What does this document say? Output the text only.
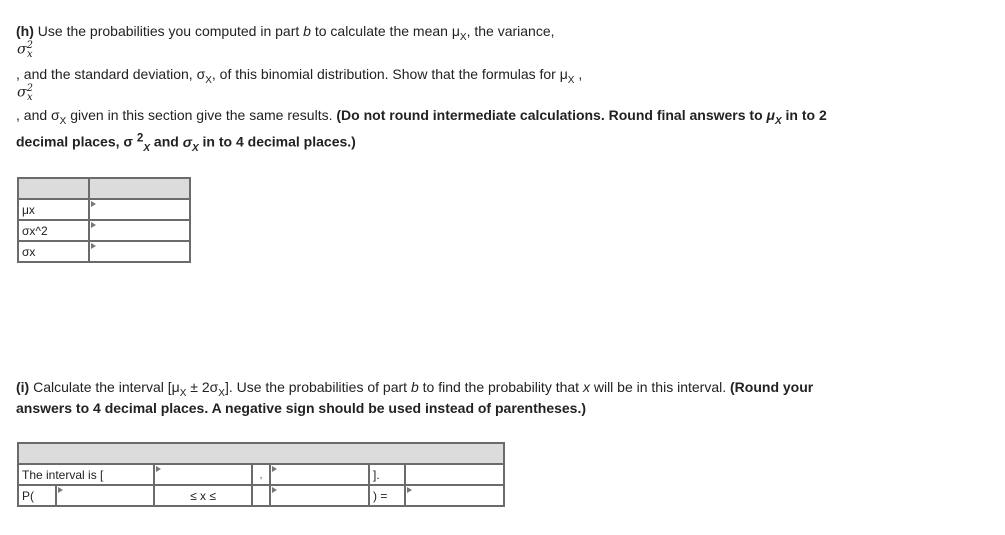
(h) Use the probabilities you computed in part b to calculate the mean $\mu_X$, the variance,
$\sigma^2_x$
, and the standard deviation, $\sigma_X$, of this binomial distribution. Show that the formulas for $\mu_X$ ,
$\sigma^2_x$
, and $\sigma_X$ given in this section give the same results. (Do not round intermediate calculations. Round final answers to $\mu_X$ in to 2
decimal places, σ $^2_X$ and $\sigma_X$ in to 4 decimal places.)

μx	
σx^2	
σx	
(i) Calculate the interval $[\mu_X \pm 2\sigma_X]$. Use the probabilities of part b to find the probability that x will be in this interval. (Round your
answers to 4 decimal places. A negative sign should be used instead of parentheses.)

The interval is [			,		].	
P(		≤ x ≤			) =	
